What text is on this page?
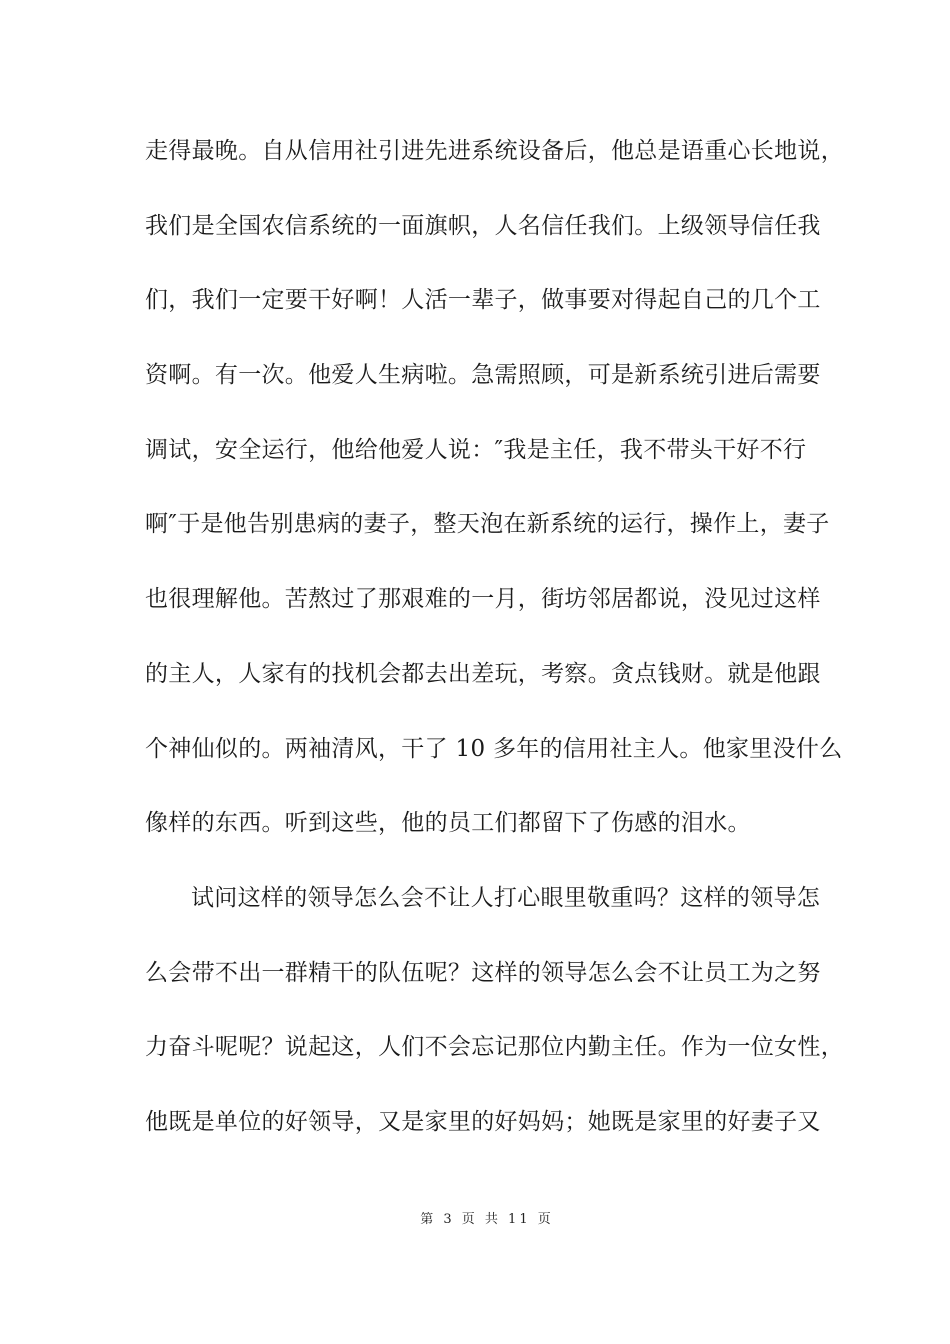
走得最晚。自从信用社引进先进系统设备后，他总是语重心长地说，
我们是全国农信系统的一面旗帜，人名信任我们。上级领导信任我
们，我们一定要干好啊！人活一辈子，做事要对得起自己的几个工
资啊。有一次。他爱人生病啦。急需照顾，可是新系统引进后需要
调试，安全运行，他给他爱人说：″我是主任，我不带头干好不行
啊″于是他告别患病的妻子，整天泡在新系统的运行，操作上，妻子
也很理解他。苦熬过了那艰难的一月，街坊邻居都说，没见过这样
的主人，人家有的找机会都去出差玩，考察。贪点钱财。就是他跟
个神仙似的。两袖清风，干了 10 多年的信用社主人。他家里没什么
像样的东西。听到这些，他的员工们都留下了伤感的泪水。
试问这样的领导怎么会不让人打心眼里敬重吗？这样的领导怎
么会带不出一群精干的队伍呢？这样的领导怎么会不让员工为之努
力奋斗呢呢？说起这，人们不会忘记那位内勤主任。作为一位女性，
他既是单位的好领导，又是家里的好妈妈；她既是家里的好妻子又
第 3 页 共 11 页
